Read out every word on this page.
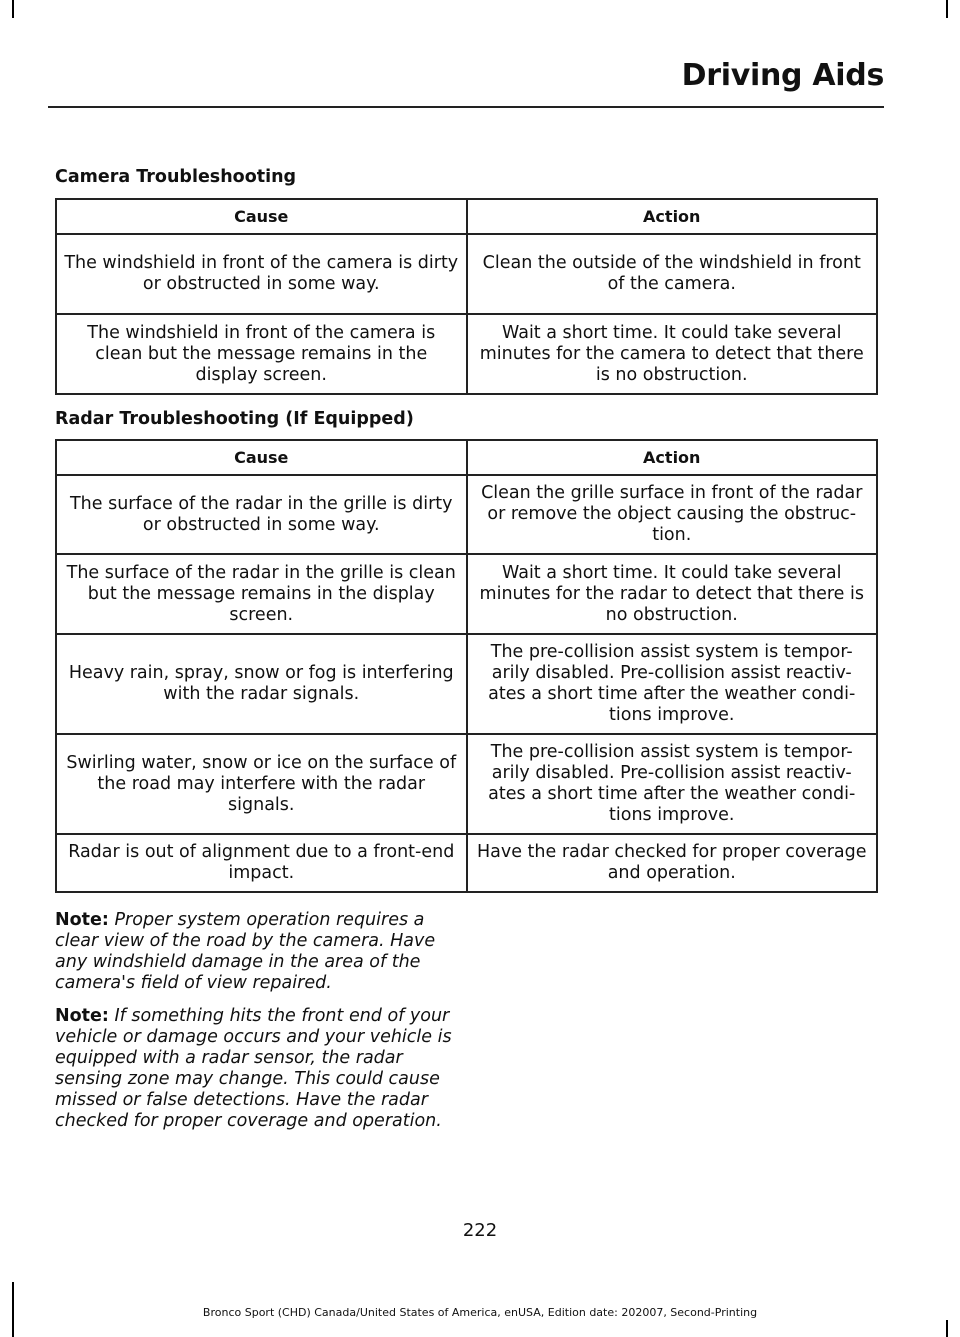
Driving Aids
Camera Troubleshooting
Cause	Action
The windshield in front of the camera is dirty or obstructed in some way.	Clean the outside of the windshield in front of the camera.
The windshield in front of the camera is clean but the message remains in the display screen.	Wait a short time. It could take several minutes for the camera to detect that there is no obstruction.
Radar Troubleshooting (If Equipped)
Cause	Action
The surface of the radar in the grille is dirty or obstructed in some way.	Clean the grille surface in front of the radar or remove the object causing the obstruc-tion.
The surface of the radar in the grille is clean but the message remains in the display screen.	Wait a short time. It could take several minutes for the radar to detect that there is no obstruction.
Heavy rain, spray, snow or fog is interfering with the radar signals.	The pre-collision assist system is tempor-arily disabled. Pre-collision assist reactiv-ates a short time after the weather condi-tions improve.
Swirling water, snow or ice on the surface of the road may interfere with the radar signals.	The pre-collision assist system is tempor-arily disabled. Pre-collision assist reactiv-ates a short time after the weather condi-tions improve.
Radar is out of alignment due to a front-end impact.	Have the radar checked for proper coverage and operation.
Note: Proper system operation requires a clear view of the road by the camera. Have any windshield damage in the area of the camera's field of view repaired.
Note: If something hits the front end of your vehicle or damage occurs and your vehicle is equipped with a radar sensor, the radar sensing zone may change. This could cause missed or false detections. Have the radar checked for proper coverage and operation.
222
Bronco Sport (CHD) Canada/United States of America, enUSA, Edition date: 202007, Second-Printing
